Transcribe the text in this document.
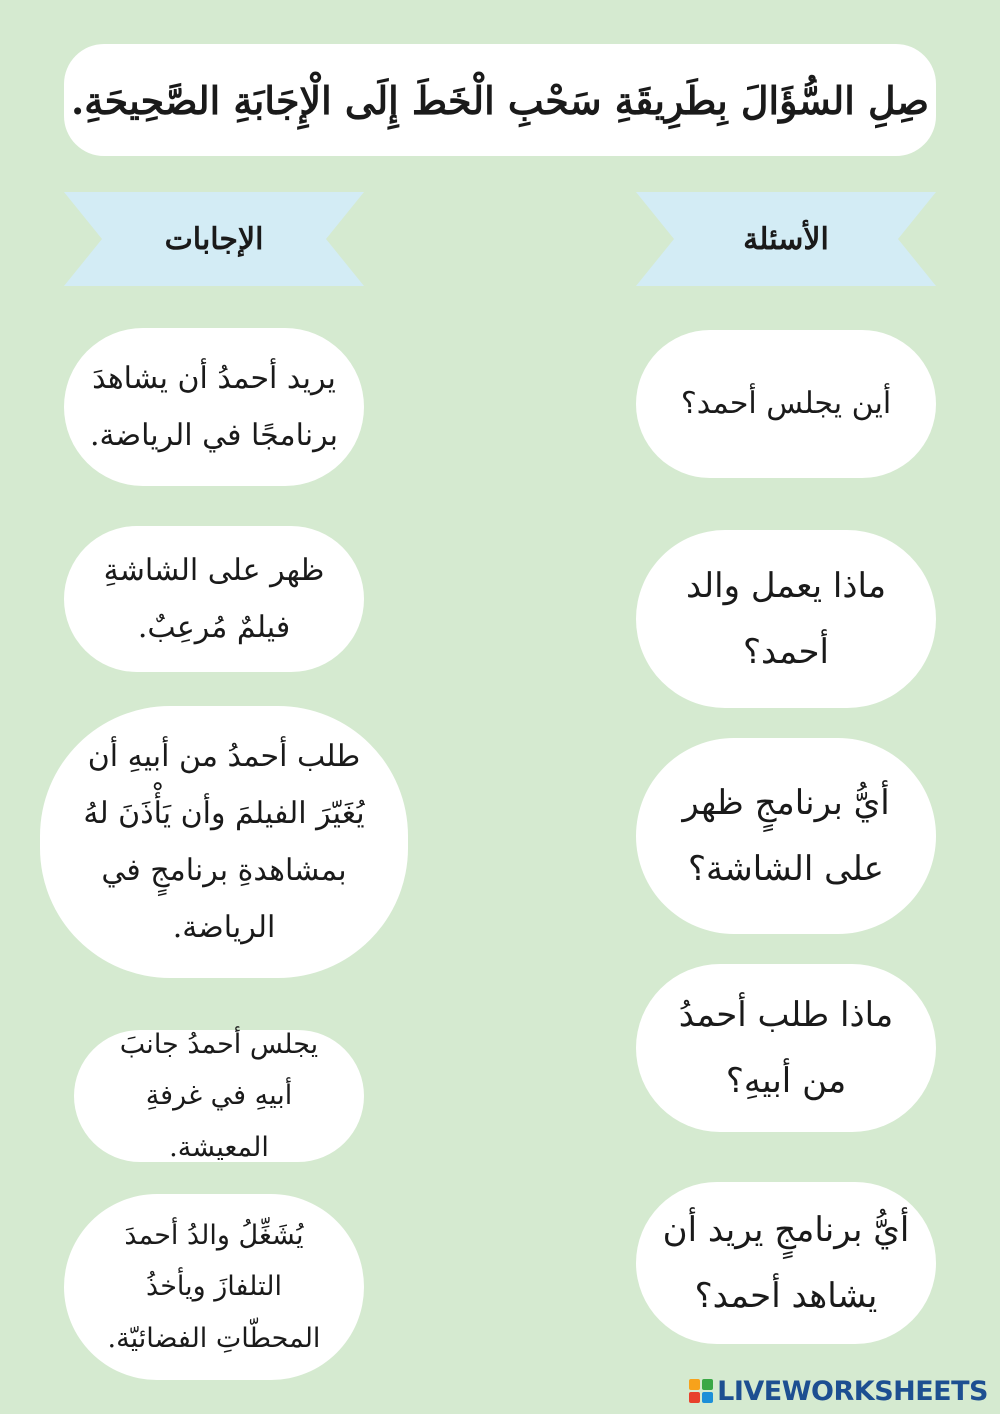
صِلِ السُّؤَالَ بِطَرِيقَةِ سَحْبِ الْخَطَ إِلَى الْإِجَابَةِ الصَّحِيحَةِ.
الإجابات	الأسئلة
أين يجلس أحمد؟
ماذا يعمل والد أحمد؟
أيُّ برنامجٍ ظهر على الشاشة؟
ماذا طلب أحمدُ من أبيهِ؟
أيُّ برنامجٍ يريد أن يشاهد أحمد؟
يريد أحمدُ أن يشاهدَ برنامجًا في الرياضة.
ظهر على الشاشةِ فيلمٌ مُرعِبٌ.
طلب أحمدُ من أبيهِ أن يُغَيّرَ الفيلمَ وأن يَأْذَنَ لهُ بمشاهدةِ برنامجٍ في الرياضة.
يجلس أحمدُ جانبَ أبيهِ في غرفةِ المعيشة.
يُشَغِّلُ والدُ أحمدَ التلفازَ ويأخذُ المحطّاتِ الفضائيّة.
LIVEWORKSHEETS
